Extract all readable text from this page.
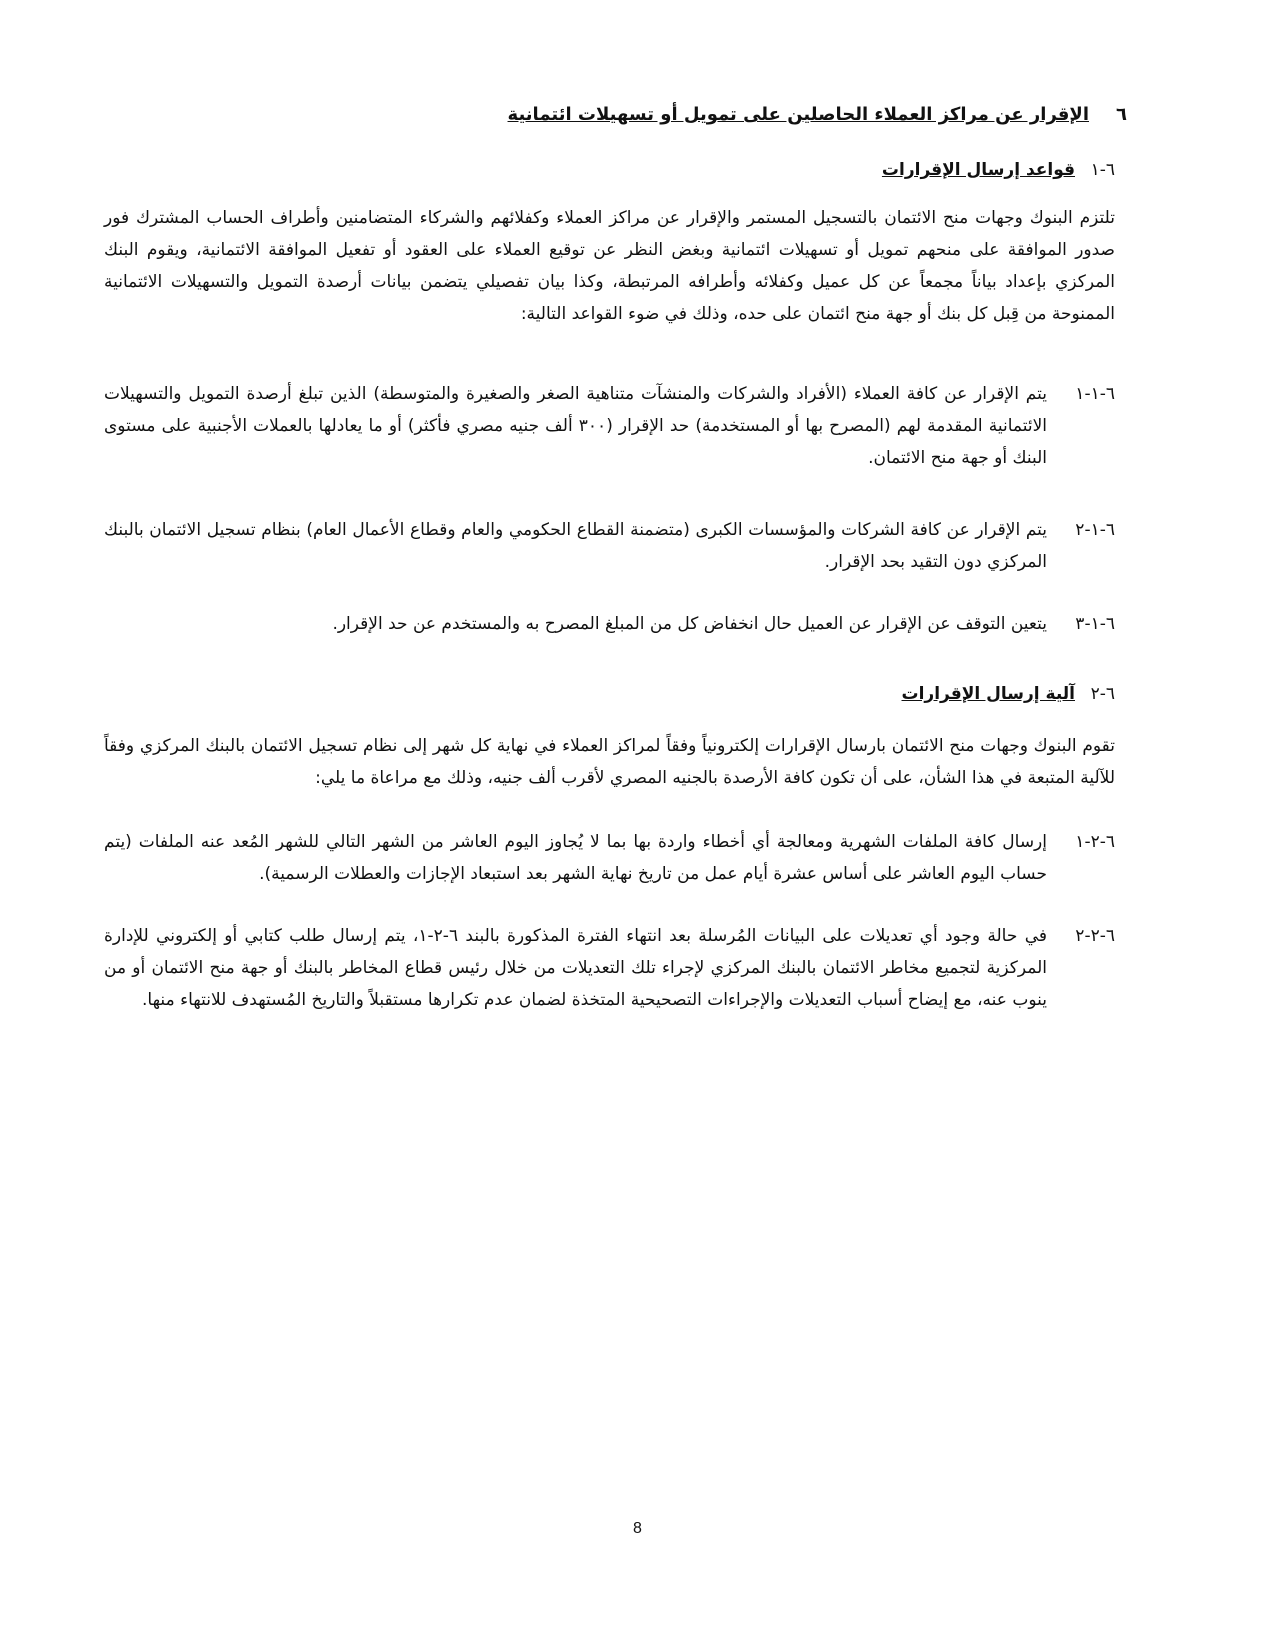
٦الإقرار عن مراكز العملاء الحاصلين على تمويل أو تسهيلات ائتمانية
٦-١قواعد إرسال الإقرارات
تلتزم البنوك وجهات منح الائتمان بالتسجيل المستمر والإقرار عن مراكز العملاء وكفلائهم والشركاء المتضامنين وأطراف الحساب المشترك فور صدور الموافقة على منحهم تمويل أو تسهيلات ائتمانية وبغض النظر عن توقيع العملاء على العقود أو تفعيل الموافقة الائتمانية، ويقوم البنك المركزي بإعداد بياناً مجمعاً عن كل عميل وكفلائه وأطرافه المرتبطة، وكذا بيان تفصيلي يتضمن بيانات أرصدة التمويل والتسهيلات الائتمانية الممنوحة من قِبل كل بنك أو جهة منح ائتمان على حده، وذلك في ضوء القواعد التالية:
٦-١-١
يتم الإقرار عن كافة العملاء (الأفراد والشركات والمنشآت متناهية الصغر والصغيرة والمتوسطة) الذين تبلغ أرصدة التمويل والتسهيلات الائتمانية المقدمة لهم (المصرح بها أو المستخدمة) حد الإقرار (٣٠٠ ألف جنيه مصري فأكثر) أو ما يعادلها بالعملات الأجنبية على مستوى البنك أو جهة منح الائتمان.
٦-١-٢
يتم الإقرار عن كافة الشركات والمؤسسات الكبرى (متضمنة القطاع الحكومي والعام وقطاع الأعمال العام) بنظام تسجيل الائتمان بالبنك المركزي دون التقيد بحد الإقرار.
٦-١-٣
يتعين التوقف عن الإقرار عن العميل حال انخفاض كل من المبلغ المصرح به والمستخدم عن حد الإقرار.
٦-٢آلية إرسال الإقرارات
تقوم البنوك وجهات منح الائتمان بارسال الإقرارات إلكترونياً وفقاً لمراكز العملاء في نهاية كل شهر إلى نظام تسجيل الائتمان بالبنك المركزي وفقاً للآلية المتبعة في هذا الشأن، على أن تكون كافة الأرصدة بالجنيه المصري لأقرب ألف جنيه، وذلك مع مراعاة ما يلي:
٦-٢-١
إرسال كافة الملفات الشهرية ومعالجة أي أخطاء واردة بها بما لا يُجاوز اليوم العاشر من الشهر التالي للشهر المُعد عنه الملفات (يتم حساب اليوم العاشر على أساس عشرة أيام عمل من تاريخ نهاية الشهر بعد استبعاد الإجازات والعطلات الرسمية).
٦-٢-٢
في حالة وجود أي تعديلات على البيانات المُرسلة بعد انتهاء الفترة المذكورة بالبند ٦-٢-١، يتم إرسال طلب كتابي أو إلكتروني للإدارة المركزية لتجميع مخاطر الائتمان بالبنك المركزي لإجراء تلك التعديلات من خلال رئيس قطاع المخاطر بالبنك أو جهة منح الائتمان أو من ينوب عنه، مع إيضاح أسباب التعديلات والإجراءات التصحيحية المتخذة لضمان عدم تكرارها مستقبلاً والتاريخ المُستهدف للانتهاء منها.
8
